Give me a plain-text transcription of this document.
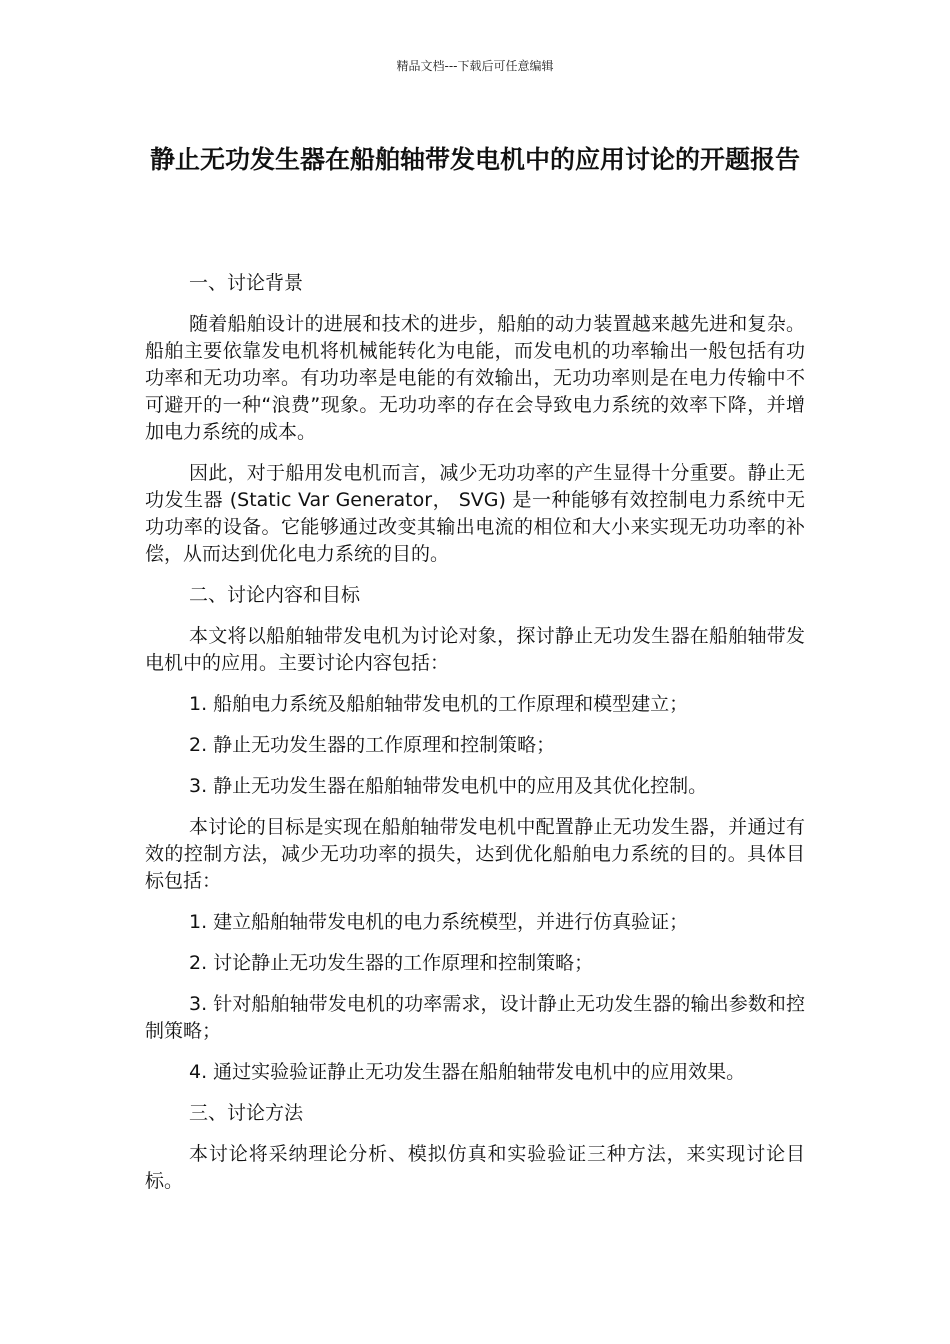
精品文档---下载后可任意编辑
静止无功发生器在船舶轴带发电机中的应用讨论的开题报告

一、讨论背景

随着船舶设计的进展和技术的进步，船舶的动力装置越来越先进和复杂。船舶主要依靠发电机将机械能转化为电能，而发电机的功率输出一般包括有功功率和无功功率。有功功率是电能的有效输出，无功功率则是在电力传输中不可避开的一种“浪费”现象。无功功率的存在会导致电力系统的效率下降，并增加电力系统的成本。

因此，对于船用发电机而言，减少无功功率的产生显得十分重要。静止无功发生器 (Static Var Generator， SVG) 是一种能够有效控制电力系统中无功功率的设备。它能够通过改变其输出电流的相位和大小来实现无功功率的补偿，从而达到优化电力系统的目的。

二、讨论内容和目标

本文将以船舶轴带发电机为讨论对象，探讨静止无功发生器在船舶轴带发电机中的应用。主要讨论内容包括：

1. 船舶电力系统及船舶轴带发电机的工作原理和模型建立；

2. 静止无功发生器的工作原理和控制策略；

3. 静止无功发生器在船舶轴带发电机中的应用及其优化控制。

本讨论的目标是实现在船舶轴带发电机中配置静止无功发生器，并通过有效的控制方法，减少无功功率的损失，达到优化船舶电力系统的目的。具体目标包括：

1. 建立船舶轴带发电机的电力系统模型，并进行仿真验证；

2. 讨论静止无功发生器的工作原理和控制策略；

3. 针对船舶轴带发电机的功率需求，设计静止无功发生器的输出参数和控制策略；

4. 通过实验验证静止无功发生器在船舶轴带发电机中的应用效果。

三、讨论方法

本讨论将采纳理论分析、模拟仿真和实验验证三种方法，来实现讨论目标。
